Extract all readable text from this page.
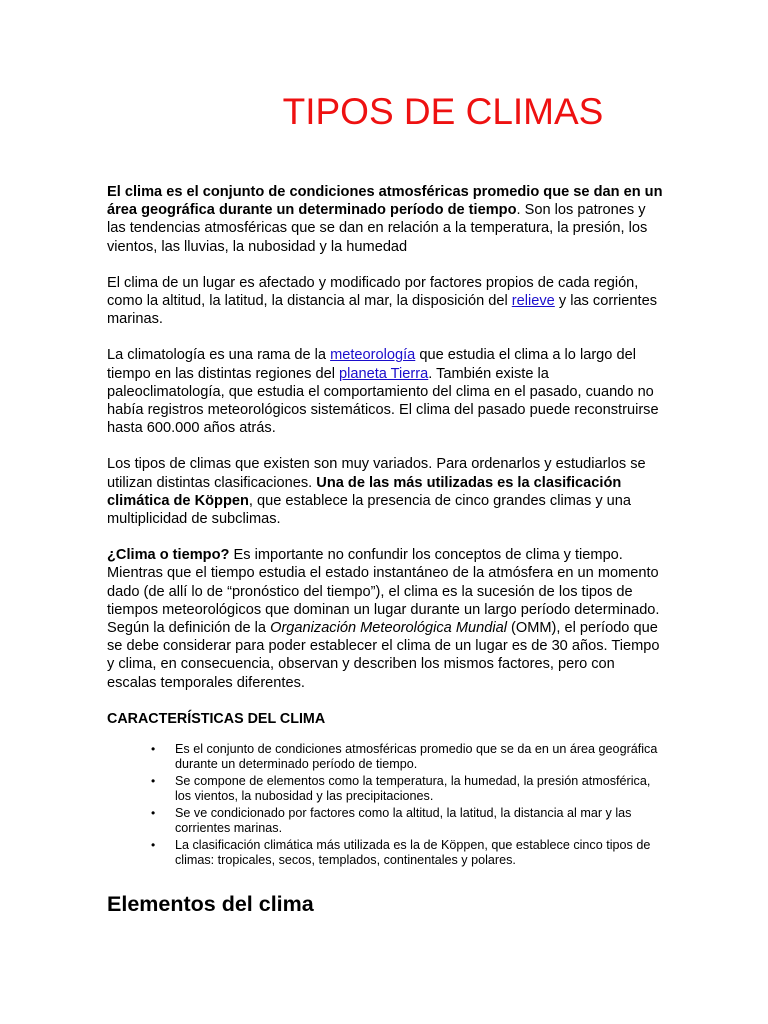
TIPOS DE CLIMAS

El clima es el conjunto de condiciones atmosféricas promedio que se dan en un área geográfica durante un determinado período de tiempo. Son los patrones y las tendencias atmosféricas que se dan en relación a la temperatura, la presión, los vientos, las lluvias, la nubosidad y la humedad

El clima de un lugar es afectado y modificado por factores propios de cada región, como la altitud, la latitud, la distancia al mar, la disposición del relieve y las corrientes marinas.

La climatología es una rama de la meteorología que estudia el clima a lo largo del tiempo en las distintas regiones del planeta Tierra. También existe la paleoclimatología, que estudia el comportamiento del clima en el pasado, cuando no había registros meteorológicos sistemáticos. El clima del pasado puede reconstruirse hasta 600.000 años atrás.

Los tipos de climas que existen son muy variados. Para ordenarlos y estudiarlos se utilizan distintas clasificaciones. Una de las más utilizadas es la clasificación climática de Köppen, que establece la presencia de cinco grandes climas y una multiplicidad de subclimas.

¿Clima o tiempo? Es importante no confundir los conceptos de clima y tiempo. Mientras que el tiempo estudia el estado instantáneo de la atmósfera en un momento dado (de allí lo de “pronóstico del tiempo”), el clima es la sucesión de los tipos de tiempos meteorológicos que dominan un lugar durante un largo período determinado. Según la definición de la Organización Meteorológica Mundial (OMM), el período que se debe considerar para poder establecer el clima de un lugar es de 30 años. Tiempo y clima, en consecuencia, observan y describen los mismos factores, pero con escalas temporales diferentes.

CARACTERÍSTICAS DEL CLIMA
• Es el conjunto de condiciones atmosféricas promedio que se da en un área geográfica durante un determinado período de tiempo.
• Se compone de elementos como la temperatura, la humedad, la presión atmosférica, los vientos, la nubosidad y las precipitaciones.
• Se ve condicionado por factores como la altitud, la latitud, la distancia al mar y las corrientes marinas.
• La clasificación climática más utilizada es la de Köppen, que establece cinco tipos de climas: tropicales, secos, templados, continentales y polares.
Elementos del clima
